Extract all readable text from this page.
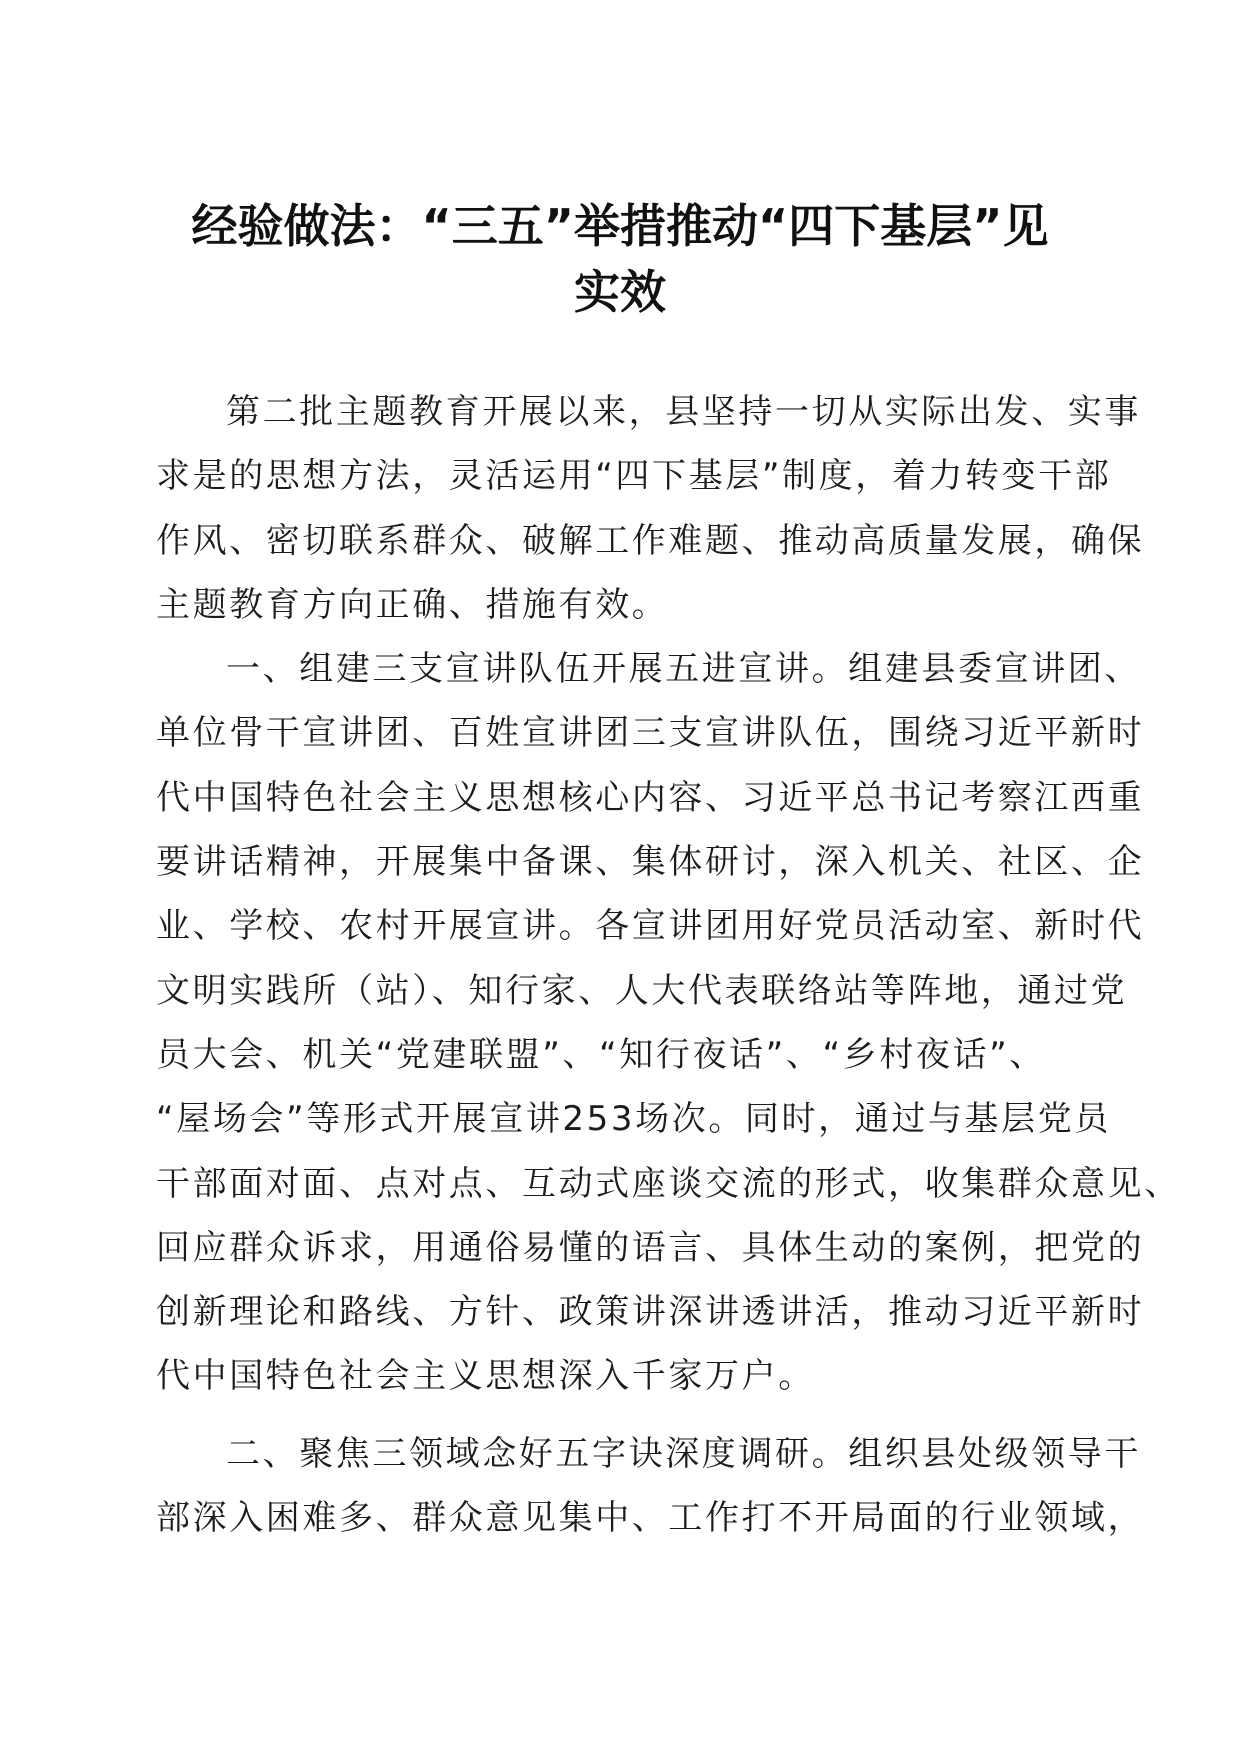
经验做法：“三五”举措推动“四下基层”见
实效
第二批主题教育开展以来，县坚持一切从实际出发、实事
求是的思想方法，灵活运用“四下基层”制度，着力转变干部
作风、密切联系群众、破解工作难题、推动高质量发展，确保
主题教育方向正确、措施有效。
一、组建三支宣讲队伍开展五进宣讲。组建县委宣讲团、
单位骨干宣讲团、百姓宣讲团三支宣讲队伍，围绕习近平新时
代中国特色社会主义思想核心内容、习近平总书记考察江西重
要讲话精神，开展集中备课、集体研讨，深入机关、社区、企
业、学校、农村开展宣讲。各宣讲团用好党员活动室、新时代
文明实践所（站）、知行家、人大代表联络站等阵地，通过党
员大会、机关“党建联盟”、“知行夜话”、“乡村夜话”、
“屋场会”等形式开展宣讲253场次。同时，通过与基层党员
干部面对面、点对点、互动式座谈交流的形式，收集群众意见、
回应群众诉求，用通俗易懂的语言、具体生动的案例，把党的
创新理论和路线、方针、政策讲深讲透讲活，推动习近平新时
代中国特色社会主义思想深入千家万户。
二、聚焦三领域念好五字诀深度调研。组织县处级领导干
部深入困难多、群众意见集中、工作打不开局面的行业领域，
